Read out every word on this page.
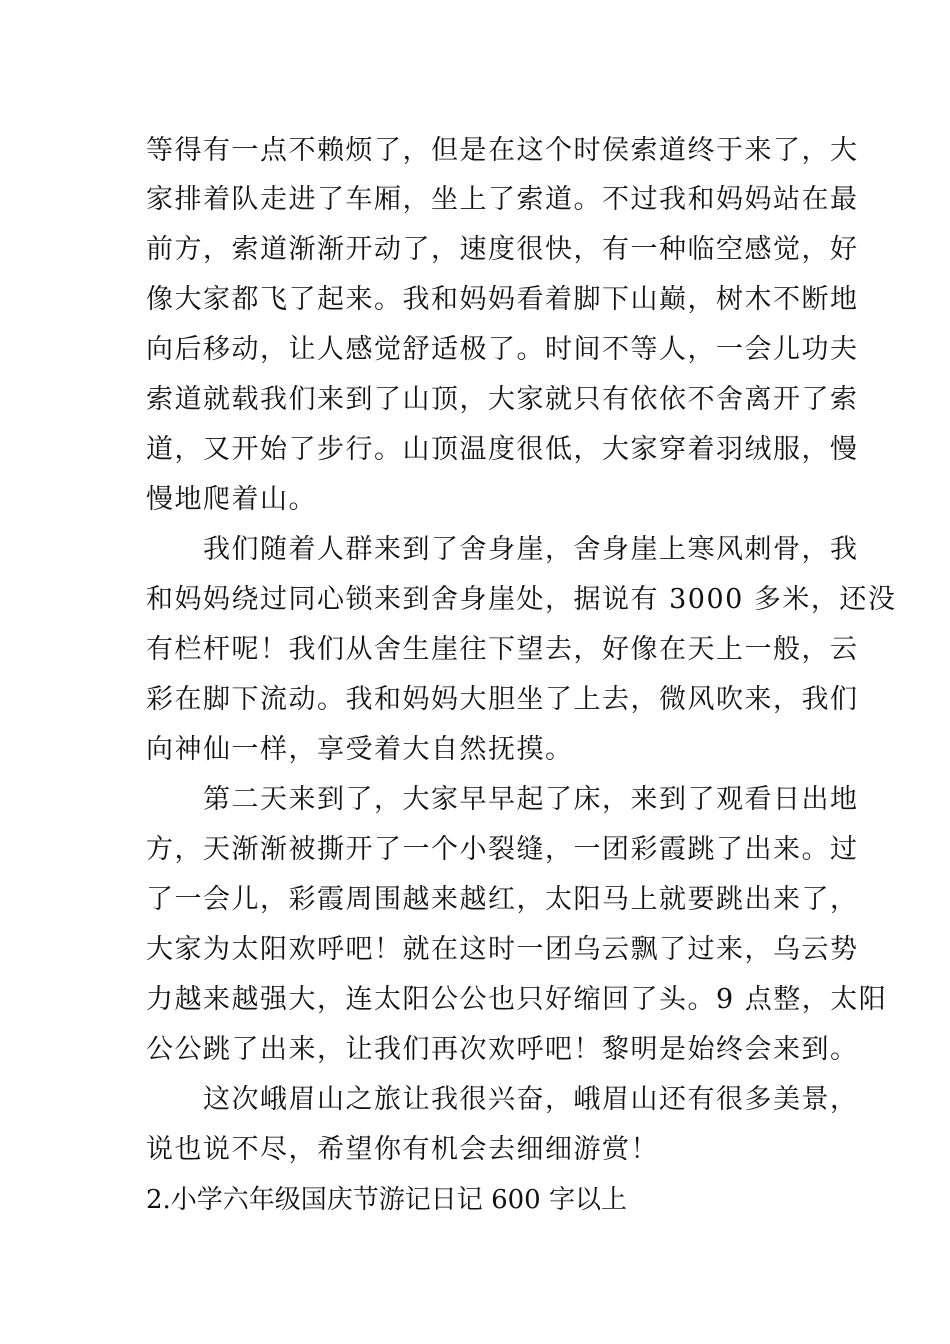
等得有一点不赖烦了，但是在这个时侯索道终于来了，大
家排着队走进了车厢，坐上了索道。不过我和妈妈站在最
前方，索道渐渐开动了，速度很快，有一种临空感觉，好
像大家都飞了起来。我和妈妈看着脚下山巅，树木不断地
向后移动，让人感觉舒适极了。时间不等人，一会儿功夫
索道就载我们来到了山顶，大家就只有依依不舍离开了索
道，又开始了步行。山顶温度很低，大家穿着羽绒服，慢
慢地爬着山。
　　我们随着人群来到了舍身崖，舍身崖上寒风刺骨，我
和妈妈绕过同心锁来到舍身崖处，据说有 3000 多米，还没
有栏杆呢！我们从舍生崖往下望去，好像在天上一般，云
彩在脚下流动。我和妈妈大胆坐了上去，微风吹来，我们
向神仙一样，享受着大自然抚摸。
　　第二天来到了，大家早早起了床，来到了观看日出地
方，天渐渐被撕开了一个小裂缝，一团彩霞跳了出来。过
了一会儿，彩霞周围越来越红，太阳马上就要跳出来了，
大家为太阳欢呼吧！就在这时一团乌云飘了过来，乌云势
力越来越强大，连太阳公公也只好缩回了头。9 点整，太阳
公公跳了出来，让我们再次欢呼吧！黎明是始终会来到。
　　这次峨眉山之旅让我很兴奋，峨眉山还有很多美景，
说也说不尽，希望你有机会去细细游赏！
2.小学六年级国庆节游记日记 600 字以上
